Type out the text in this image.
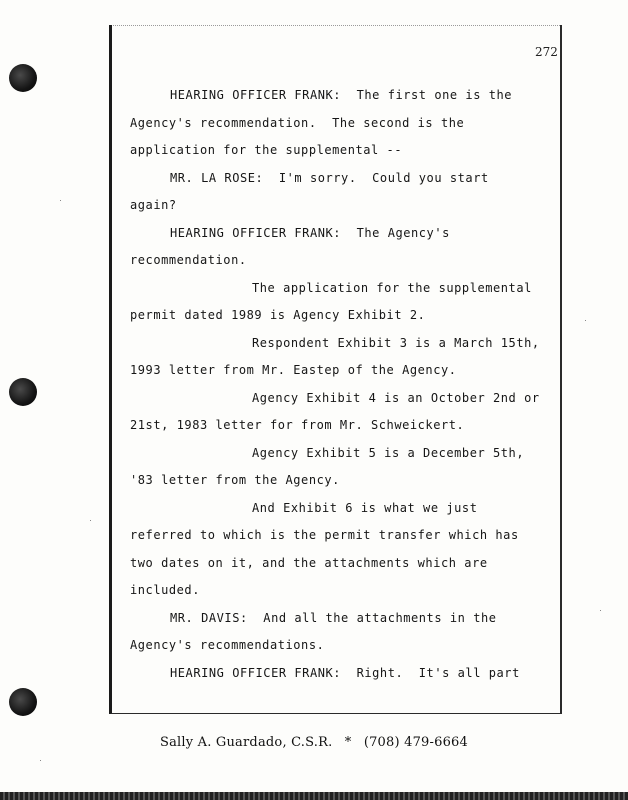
272
HEARING OFFICER FRANK:  The first one is the
Agency's recommendation.  The second is the
application for the supplemental --
MR. LA ROSE:  I'm sorry.  Could you start
again?
HEARING OFFICER FRANK:  The Agency's
recommendation.
The application for the supplemental
permit dated 1989 is Agency Exhibit 2.
Respondent Exhibit 3 is a March 15th,
1993 letter from Mr. Eastep of the Agency.
Agency Exhibit 4 is an October 2nd or
21st, 1983 letter for from Mr. Schweickert.
Agency Exhibit 5 is a December 5th,
'83 letter from the Agency.
And Exhibit 6 is what we just
referred to which is the permit transfer which has
two dates on it, and the attachments which are
included.
MR. DAVIS:  And all the attachments in the
Agency's recommendations.
HEARING OFFICER FRANK:  Right.  It's all part
Sally A. Guardado, C.S.R. * (708) 479-6664
